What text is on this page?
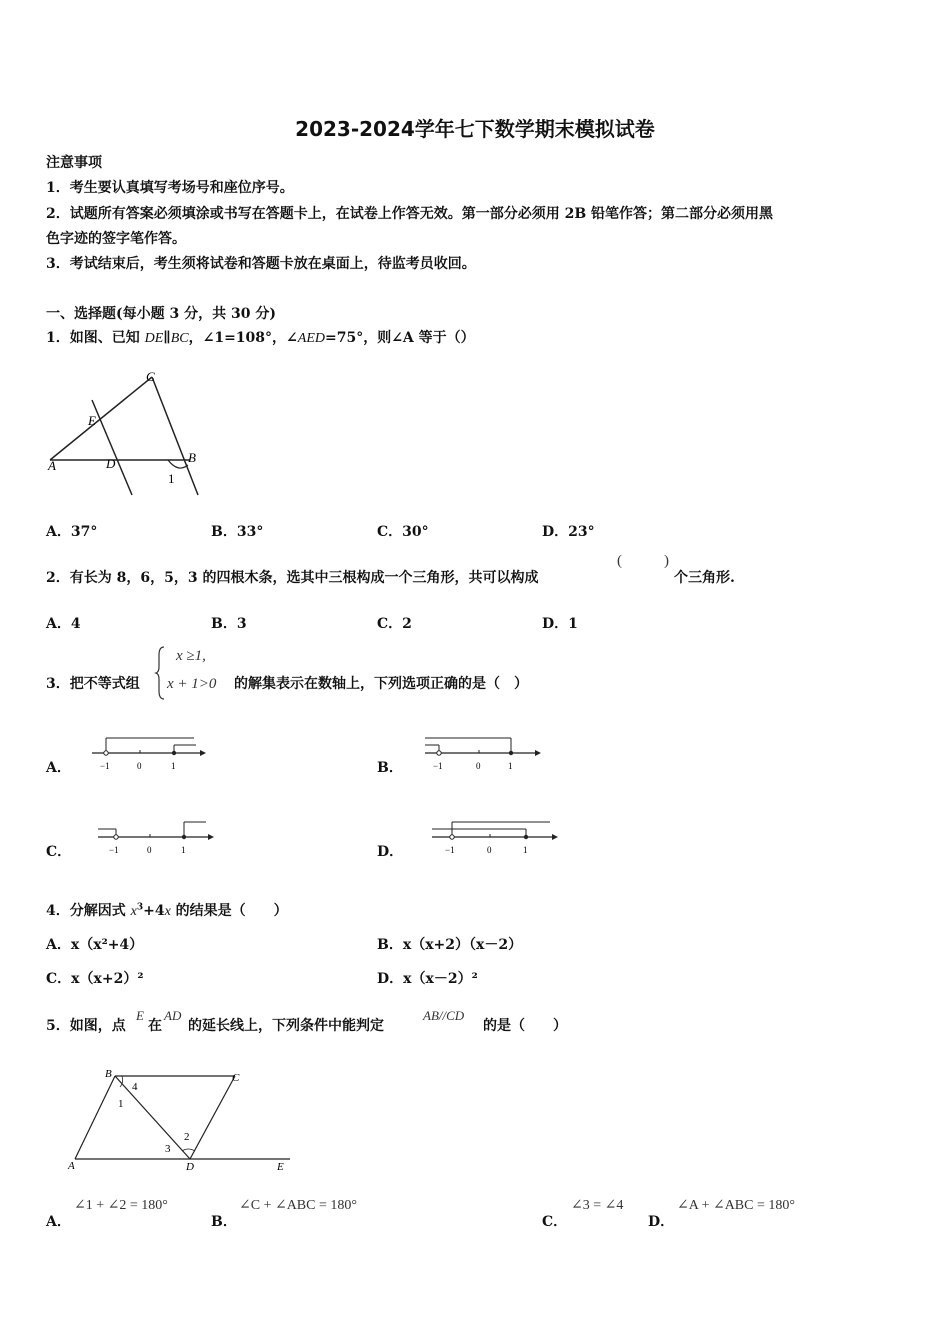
2023-2024学年七下数学期末模拟试卷
注意事项
1．考生要认真填写考场号和座位序号。
2．试题所有答案必须填涂或书写在答题卡上，在试卷上作答无效。第一部分必须用 2B 铅笔作答；第二部分必须用黑
色字迹的签字笔作答。
3．考试结束后，考生须将试卷和答题卡放在桌面上，待监考员收回。
一、选择题(每小题 3 分，共 30 分)
1．如图、已知 DE∥BC，∠1=108°，∠AED=75°，则∠A 等于（）
C
E
A	D	B
1
A．37°	B．33°	C．30°	D．23°
2．有长为 8，6，5，3 的四根木条，选其中三根构成一个三角形，共可以构成
(	)
个三角形.
A．4	B．3	C．2	D．1
3．把不等式组
x ≥1,
x + 1>0 的解集表示在数轴上，下列选项正确的是（　）
A．	−1	0	1	B．	−1	0	1
C．	−1	0	1	D．	−1	0	1
4．分解因式 $x^3+4x$ 的结果是（　　）
A．x（x²+4）	B．x（x+2）（x－2）
C．x（x+2）²	D．x（x－2）²
5．如图，点
E
在
AD
的延长线上，下列条件中能判定
AB//CD
的是（　　）
B
4
C
1
2
3
A	D	E
A．
∠1 + ∠2 = 180°
B．
∠C + ∠ABC = 180°
C．
∠3 = ∠4
D．
∠A + ∠ABC = 180°
